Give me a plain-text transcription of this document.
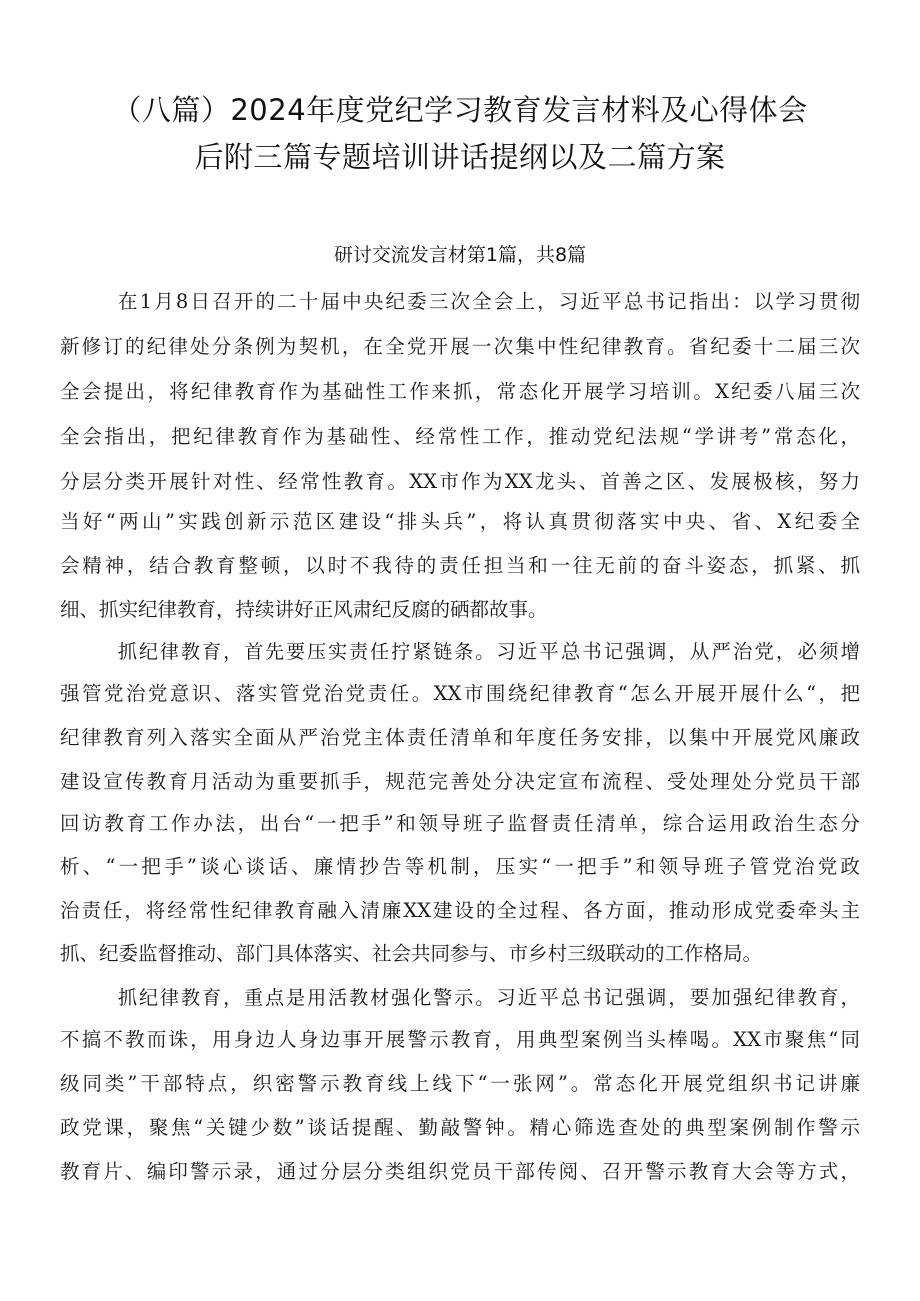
（八篇）2024年度党纪学习教育发言材料及心得体会
后附三篇专题培训讲话提纲以及二篇方案
研讨交流发言材第1篇，共8篇
在1月8日召开的二十届中央纪委三次全会上，习近平总书记指出：以学习贯彻
新修订的纪律处分条例为契机，在全党开展一次集中性纪律教育。省纪委十二届三次
全会提出，将纪律教育作为基础性工作来抓，常态化开展学习培训。X纪委八届三次
全会指出，把纪律教育作为基础性、经常性工作，推动党纪法规“学讲考”常态化，
分层分类开展针对性、经常性教育。XX市作为XX龙头、首善之区、发展极核，努力
当好“两山”实践创新示范区建设“排头兵”，将认真贯彻落实中央、省、X纪委全
会精神，结合教育整顿，以时不我待的责任担当和一往无前的奋斗姿态，抓紧、抓
细、抓实纪律教育，持续讲好正风肃纪反腐的硒都故事。
抓纪律教育，首先要压实责任拧紧链条。习近平总书记强调，从严治党，必须增
强管党治党意识、落实管党治党责任。XX市围绕纪律教育“怎么开展开展什么“，把
纪律教育列入落实全面从严治党主体责任清单和年度任务安排，以集中开展党风廉政
建设宣传教育月活动为重要抓手，规范完善处分决定宣布流程、受处理处分党员干部
回访教育工作办法，出台“一把手”和领导班子监督责任清单，综合运用政治生态分
析、“一把手”谈心谈话、廉情抄告等机制，压实“一把手”和领导班子管党治党政
治责任，将经常性纪律教育融入清廉XX建设的全过程、各方面，推动形成党委牵头主
抓、纪委监督推动、部门具体落实、社会共同参与、市乡村三级联动的工作格局。
抓纪律教育，重点是用活教材强化警示。习近平总书记强调，要加强纪律教育，
不搞不教而诛，用身边人身边事开展警示教育，用典型案例当头棒喝。XX市聚焦“同
级同类”干部特点，织密警示教育线上线下“一张网”。常态化开展党组织书记讲廉
政党课，聚焦“关键少数”谈话提醒、勤敲警钟。精心筛选查处的典型案例制作警示
教育片、编印警示录，通过分层分类组织党员干部传阅、召开警示教育大会等方式，
